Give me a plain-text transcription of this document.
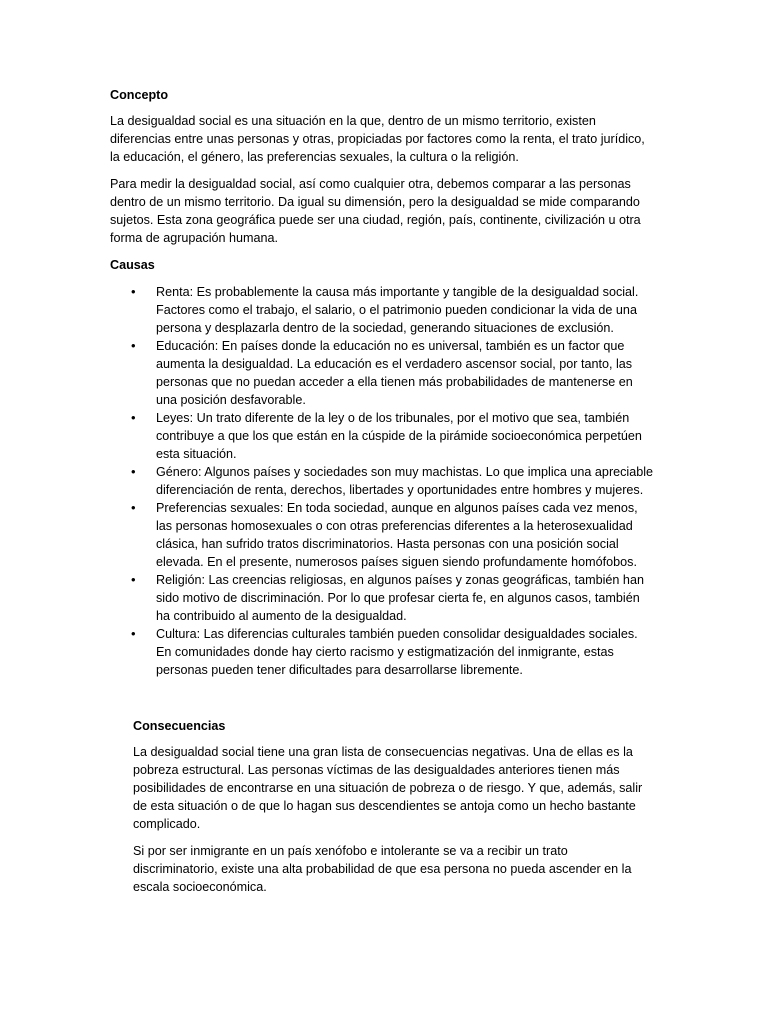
Concepto

La desigualdad social es una situación en la que, dentro de un mismo territorio, existen diferencias entre unas personas y otras, propiciadas por factores como la renta, el trato jurídico, la educación, el género, las preferencias sexuales, la cultura o la religión.

Para medir la desigualdad social, así como cualquier otra, debemos comparar a las personas dentro de un mismo territorio. Da igual su dimensión, pero la desigualdad se mide comparando sujetos. Esta zona geográfica puede ser una ciudad, región, país, continente, civilización u otra forma de agrupación humana.

Causas
• Renta: Es probablemente la causa más importante y tangible de la desigualdad social. Factores como el trabajo, el salario, o el patrimonio pueden condicionar la vida de una persona y desplazarla dentro de la sociedad, generando situaciones de exclusión.
• Educación: En países donde la educación no es universal, también es un factor que aumenta la desigualdad. La educación es el verdadero ascensor social, por tanto, las personas que no puedan acceder a ella tienen más probabilidades de mantenerse en una posición desfavorable.
• Leyes: Un trato diferente de la ley o de los tribunales, por el motivo que sea, también contribuye a que los que están en la cúspide de la pirámide socioeconómica perpetúen esta situación.
• Género: Algunos países y sociedades son muy machistas. Lo que implica una apreciable diferenciación de renta, derechos, libertades y oportunidades entre hombres y mujeres.
• Preferencias sexuales: En toda sociedad, aunque en algunos países cada vez menos, las personas homosexuales o con otras preferencias diferentes a la heterosexualidad clásica, han sufrido tratos discriminatorios. Hasta personas con una posición social elevada. En el presente, numerosos países siguen siendo profundamente homófobos.
• Religión: Las creencias religiosas, en algunos países y zonas geográficas, también han sido motivo de discriminación. Por lo que profesar cierta fe, en algunos casos, también ha contribuido al aumento de la desigualdad.
• Cultura: Las diferencias culturales también pueden consolidar desigualdades sociales. En comunidades donde hay cierto racismo y estigmatización del inmigrante, estas personas pueden tener dificultades para desarrollarse libremente.
Consecuencias

La desigualdad social tiene una gran lista de consecuencias negativas. Una de ellas es la pobreza estructural. Las personas víctimas de las desigualdades anteriores tienen más posibilidades de encontrarse en una situación de pobreza o de riesgo. Y que, además, salir de esta situación o de que lo hagan sus descendientes se antoja como un hecho bastante complicado.

Si por ser inmigrante en un país xenófobo e intolerante se va a recibir un trato discriminatorio, existe una alta probabilidad de que esa persona no pueda ascender en la escala socioeconómica.
